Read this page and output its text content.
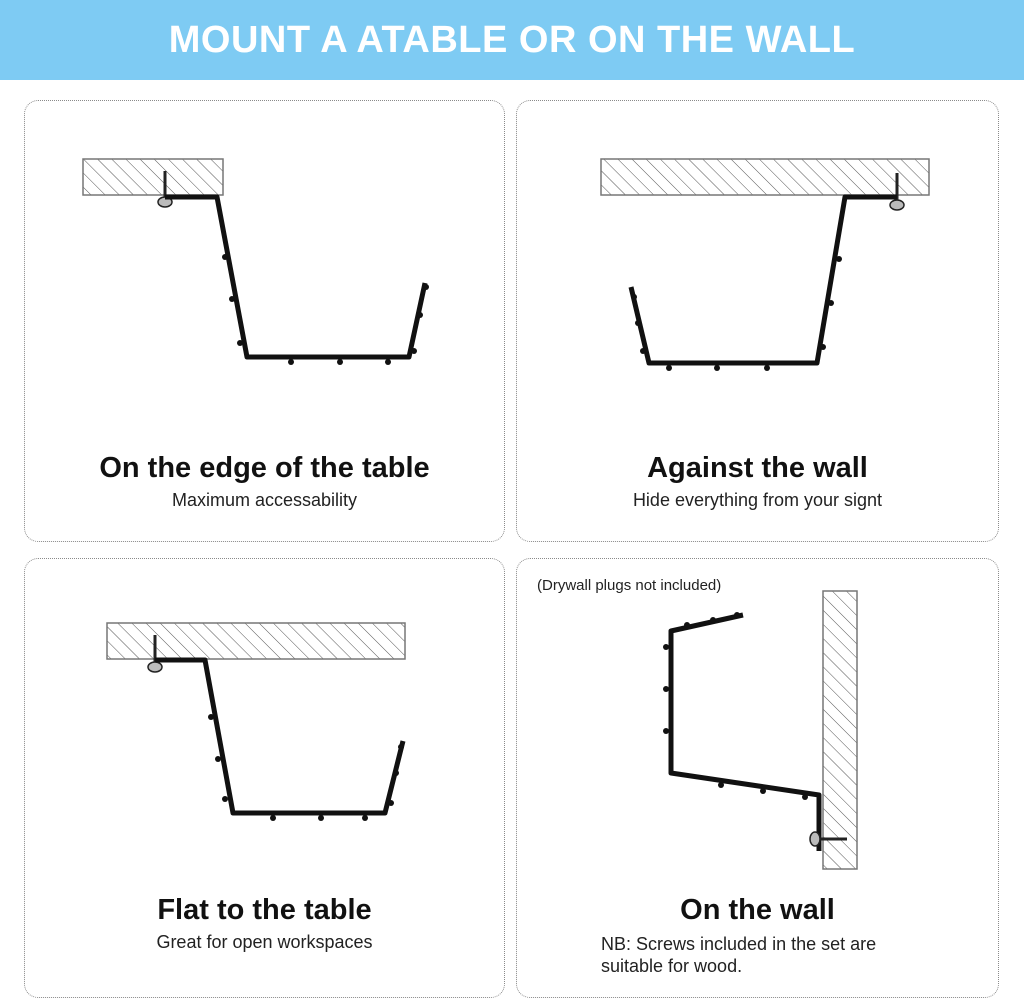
MOUNT A ATABLE OR ON THE WALL
On the edge of the table
Maximum accessability
Against the wall
Hide everything from your signt
Flat to the table
Great for open workspaces
(Drywall plugs not included)
On the wall
NB: Screws included in the set are
suitable for wood.
